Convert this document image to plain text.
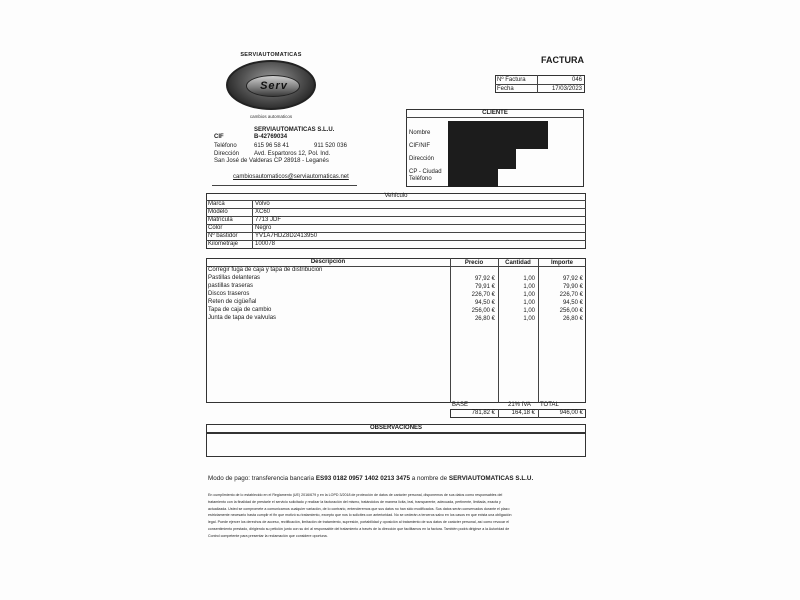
SERVIAUTOMATICAS
Serv
cambios automaticos
FACTURA
Nº Factura	046
Fecha	17/03/2023
SERVIAUTOMATICAS S.L.U.
CIF	B-42769034
Teléfono	615 96 58 41	911 520 036
Dirección Avd. Espartoros 12, Pol. Ind.
San José de Valderas CP 28918 - Leganés
cambiosautomaticos@serviautomaticas.net
CLIENTE
Nombre
CIF/NIF
Dirección
CP - Ciudad
Teléfono
Vehículo
Marca	Volvo
Modelo	XC60
Matrícula	7713 JDF
Color	Negro
Nº bastidor	YV1A7HDZ8D2413950
Kilometraje	100078
Descripción	Precio	Cantidad	Importe
Corregir fuga de caja y tapa de distribucion
Pastillas delanteras	97,92 €	1,00	97,92 €
pastillas traseras	79,91 €	1,00	79,90 €
Discos traseros	226,70 €	1,00	226,70 €
Reten de cigüeñal	94,50 €	1,00	94,50 €
Tapa de caja de cambio	256,00 €	1,00	256,00 €
Junta de tapa de valvulas	26,80 €	1,00	26,80 €
BASE	21% IVA TOTAL
781,82 €	164,18 €	946,00 €
OBSERVACIONES
Modo de pago: transferencia bancaria ES93 0182 0957 1402 0213 3475 a nombre de SERVIAUTOMATICAS S.L.U.
En cumplimiento de lo establecido en el Reglamento (UE) 2016/679 y en la LOPD 3/2018 de protección de datos de carácter personal, disponemos de sus datos como responsables del
tratamiento con la finalidad de prestarle el servicio solicitado y realizar la facturación del mismo, tratándolos de manera lícita, leal, transparente, adecuada, pertinente, limitada, exacta y
actualizada. Usted se compromete a comunicarnos cualquier variación, de lo contrario, entenderemos que sus datos no han sido modificados. Sus datos serán conservados durante el plazo
estrictamente necesario hasta cumplir el fin que motivó su tratamiento, excepto que nos lo solicites con anterioridad. No se cederán a terceros salvo en los casos en que exista una obligación
legal. Puede ejercer los derechos de acceso, rectificación, limitación de tratamiento, supresión, portabilidad y oposición al tratamiento de sus datos de carácter personal, así como revocar el
consentimiento prestado, dirigiendo su petición junto con su dni al responsable del tratamiento a través de la dirección que facilitamos en la factura. También podrá dirigirse a la Autoridad de
Control competente para presentar la reclamación que considere oportuna.
